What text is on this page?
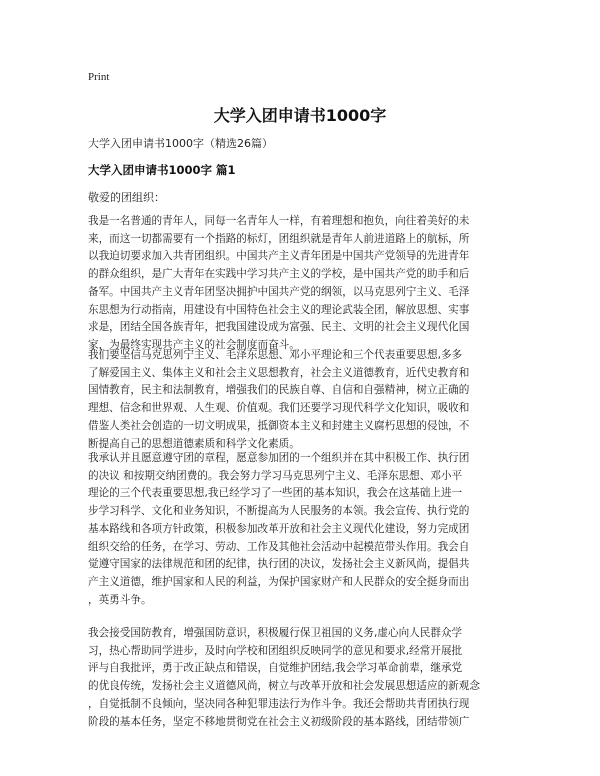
Print
大学入团申请书1000字
大学入团申请书1000字（精选26篇）
大学入团申请书1000字 篇1
敬爱的团组织：
我是一名普通的青年人，同每一名青年人一样，有着理想和抱负，向往着美好的未
来，而这一切都需要有一个指路的标灯，团组织就是青年人前进道路上的航标，所
以我迫切要求加入共青团组织。中国共产主义青年团是中国共产党领导的先进青年
的群众组织，是广大青年在实践中学习共产主义的学校，是中国共产党的助手和后
备军。中国共产主义青年团坚决拥护中国共产党的纲领，以马克思列宁主义、毛泽
东思想为行动指南，用建设有中国特色社会主义的理论武装全团，解放思想、实事
求是，团结全国各族青年，把我国建设成为富强、民主、文明的社会主义现代化国
家，为最终实现共产主义的社会制度而奋斗。
我们要坚信马克思列宁主义、毛泽东思想、邓小平理论和三个代表重要思想,多多
了解爱国主义、集体主义和社会主义思想教育，社会主义道德教育，近代史教育和
国情教育，民主和法制教育，增强我们的民族自尊、自信和自强精神，树立正确的
理想、信念和世界观、人生观、价值观。我们还要学习现代科学文化知识，吸收和
借鉴人类社会创造的一切文明成果，抵御资本主义和封建主义腐朽思想的侵蚀，不
断提高自己的思想道德素质和科学文化素质。
我承认并且愿意遵守团的章程，愿意参加团的一个组织并在其中积极工作、执行团
的决议 和按期交纳团费的。我会努力学习马克思列宁主义、毛泽东思想、邓小平
理论的三个代表重要思想,我已经学习了一些团的基本知识，我会在这基础上进一
步学习科学、文化和业务知识，不断提高为人民服务的本领。我会宣传、执行党的
基本路线和各项方针政策，积极参加改革开放和社会主义现代化建设，努力完成团
组织交给的任务，在学习、劳动、工作及其他社会活动中起模范带头作用。我会自
觉遵守国家的法律规范和团的纪律，执行团的决议，发扬社会主义新风尚，提倡共
产主义道德，维护国家和人民的利益，为保护国家财产和人民群众的安全挺身而出
，英勇斗争。
我会接受国防教育，增强国防意识，积极履行保卫祖国的义务,虚心向人民群众学
习，热心帮助同学进步，及时向学校和团组织反映同学的意见和要求,经常开展批
评与自我批评，勇于改正缺点和错误，自觉维护团结,我会学习革命前辈，继承党
的优良传统，发扬社会主义道德风尚，树立与改革开放和社会发展思想适应的新观念
，自觉抵制不良倾向，坚决同各种犯罪违法行为作斗争。我还会帮助共青团执行现
阶段的基本任务，坚定不移地贯彻党在社会主义初级阶段的基本路线，团结带领广
